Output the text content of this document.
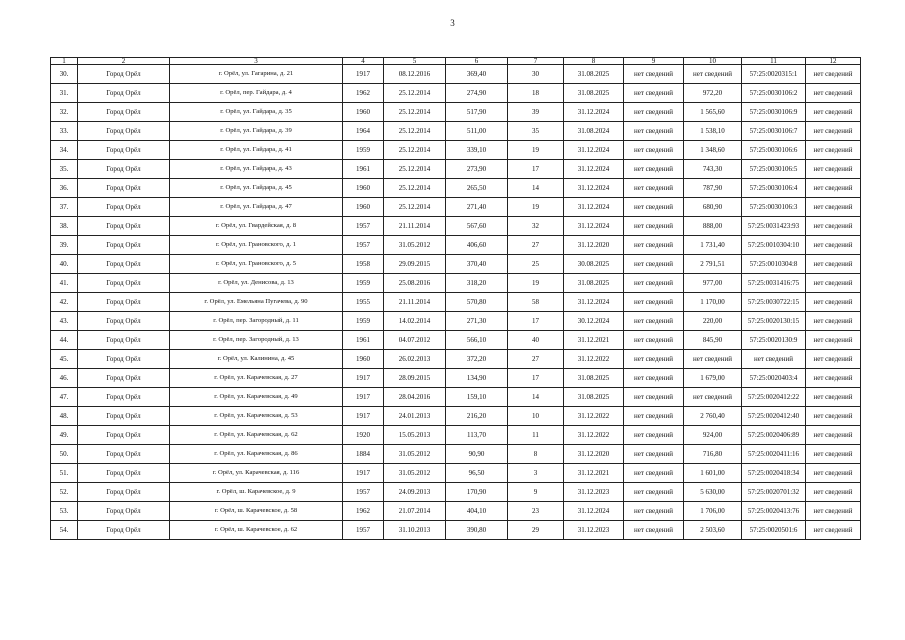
3
1	2	3	4	5	6	7	8	9	10	11	12
30.	Город Орёл	г. Орёл, ул. Гагарина, д. 21	1917	08.12.2016	369,40	30	31.08.2025	нет сведений	нет сведений	57:25:0020315:1	нет сведений
31.	Город Орёл	г. Орёл, пер. Гайдара, д. 4	1962	25.12.2014	274,90	18	31.08.2025	нет сведений	972,20	57:25:0030106:2	нет сведений
32.	Город Орёл	г. Орёл, ул. Гайдара, д. 35	1960	25.12.2014	517,90	39	31.12.2024	нет сведений	1 565,60	57:25:0030106:9	нет сведений
33.	Город Орёл	г. Орёл, ул. Гайдара, д. 39	1964	25.12.2014	511,00	35	31.08.2024	нет сведений	1 538,10	57:25:0030106:7	нет сведений
34.	Город Орёл	г. Орёл, ул. Гайдара, д. 41	1959	25.12.2014	339,10	19	31.12.2024	нет сведений	1 348,60	57:25:0030106:6	нет сведений
35.	Город Орёл	г. Орёл, ул. Гайдара, д. 43	1961	25.12.2014	273,90	17	31.12.2024	нет сведений	743,30	57:25:0030106:5	нет сведений
36.	Город Орёл	г. Орёл, ул. Гайдара, д. 45	1960	25.12.2014	265,50	14	31.12.2024	нет сведений	787,90	57:25:0030106:4	нет сведений
37.	Город Орёл	г. Орёл, ул. Гайдара, д. 47	1960	25.12.2014	271,40	19	31.12.2024	нет сведений	680,90	57:25:0030106:3	нет сведений
38.	Город Орёл	г. Орёл, ул. Гвардейская, д. 8	1957	21.11.2014	567,60	32	31.12.2024	нет сведений	888,00	57:25:0031423:93	нет сведений
39.	Город Орёл	г. Орёл, ул. Грановского, д. 1	1957	31.05.2012	406,60	27	31.12.2020	нет сведений	1 731,40	57:25:0010304:10	нет сведений
40.	Город Орёл	г. Орёл, ул. Грановского, д. 5	1958	29.09.2015	370,40	25	30.08.2025	нет сведений	2 791,51	57:25:0010304:8	нет сведений
41.	Город Орёл	г. Орёл, ул. Денисова, д. 13	1959	25.08.2016	318,20	19	31.08.2025	нет сведений	977,00	57:25:0031416:75	нет сведений
42.	Город Орёл	г. Орёл, ул. Емельяна Пугачева, д. 90	1955	21.11.2014	570,80	58	31.12.2024	нет сведений	1 170,00	57:25:0030722:15	нет сведений
43.	Город Орёл	г. Орёл, пер. Загородный, д. 11	1959	14.02.2014	271,30	17	30.12.2024	нет сведений	220,00	57:25:0020130:15	нет сведений
44.	Город Орёл	г. Орёл, пер. Загородный, д. 13	1961	04.07.2012	566,10	40	31.12.2021	нет сведений	845,90	57:25:0020130:9	нет сведений
45.	Город Орёл	г. Орёл, ул. Калинина, д. 45	1960	26.02.2013	372,20	27	31.12.2022	нет сведений	нет сведений	нет сведений	нет сведений
46.	Город Орёл	г. Орёл, ул. Карачевская, д. 27	1917	28.09.2015	134,90	17	31.08.2025	нет сведений	1 679,00	57:25:0020403:4	нет сведений
47.	Город Орёл	г. Орёл, ул. Карачевская, д. 49	1917	28.04.2016	159,10	14	31.08.2025	нет сведений	нет сведений	57:25:0020412:22	нет сведений
48.	Город Орёл	г. Орёл, ул. Карачевская, д. 53	1917	24.01.2013	216,20	10	31.12.2022	нет сведений	2 760,40	57:25:0020412:40	нет сведений
49.	Город Орёл	г. Орёл, ул. Карачевская, д. 62	1920	15.05.2013	113,70	11	31.12.2022	нет сведений	924,00	57:25:0020406:89	нет сведений
50.	Город Орёл	г. Орёл, ул. Карачевская, д. 86	1884	31.05.2012	90,90	8	31.12.2020	нет сведений	716,80	57:25:0020411:16	нет сведений
51.	Город Орёл	г. Орёл, ул. Карачевская, д. 116	1917	31.05.2012	96,50	3	31.12.2021	нет сведений	1 601,00	57:25:0020418:34	нет сведений
52.	Город Орёл	г. Орёл, ш. Карачевское, д. 9	1957	24.09.2013	170,90	9	31.12.2023	нет сведений	5 630,00	57:25:0020701:32	нет сведений
53.	Город Орёл	г. Орёл, ш. Карачевское, д. 58	1962	21.07.2014	404,10	23	31.12.2024	нет сведений	1 706,00	57:25:0020413:76	нет сведений
54.	Город Орёл	г. Орёл, ш. Карачевское, д. 62	1957	31.10.2013	390,80	29	31.12.2023	нет сведений	2 503,60	57:25:0020501:6	нет сведений
